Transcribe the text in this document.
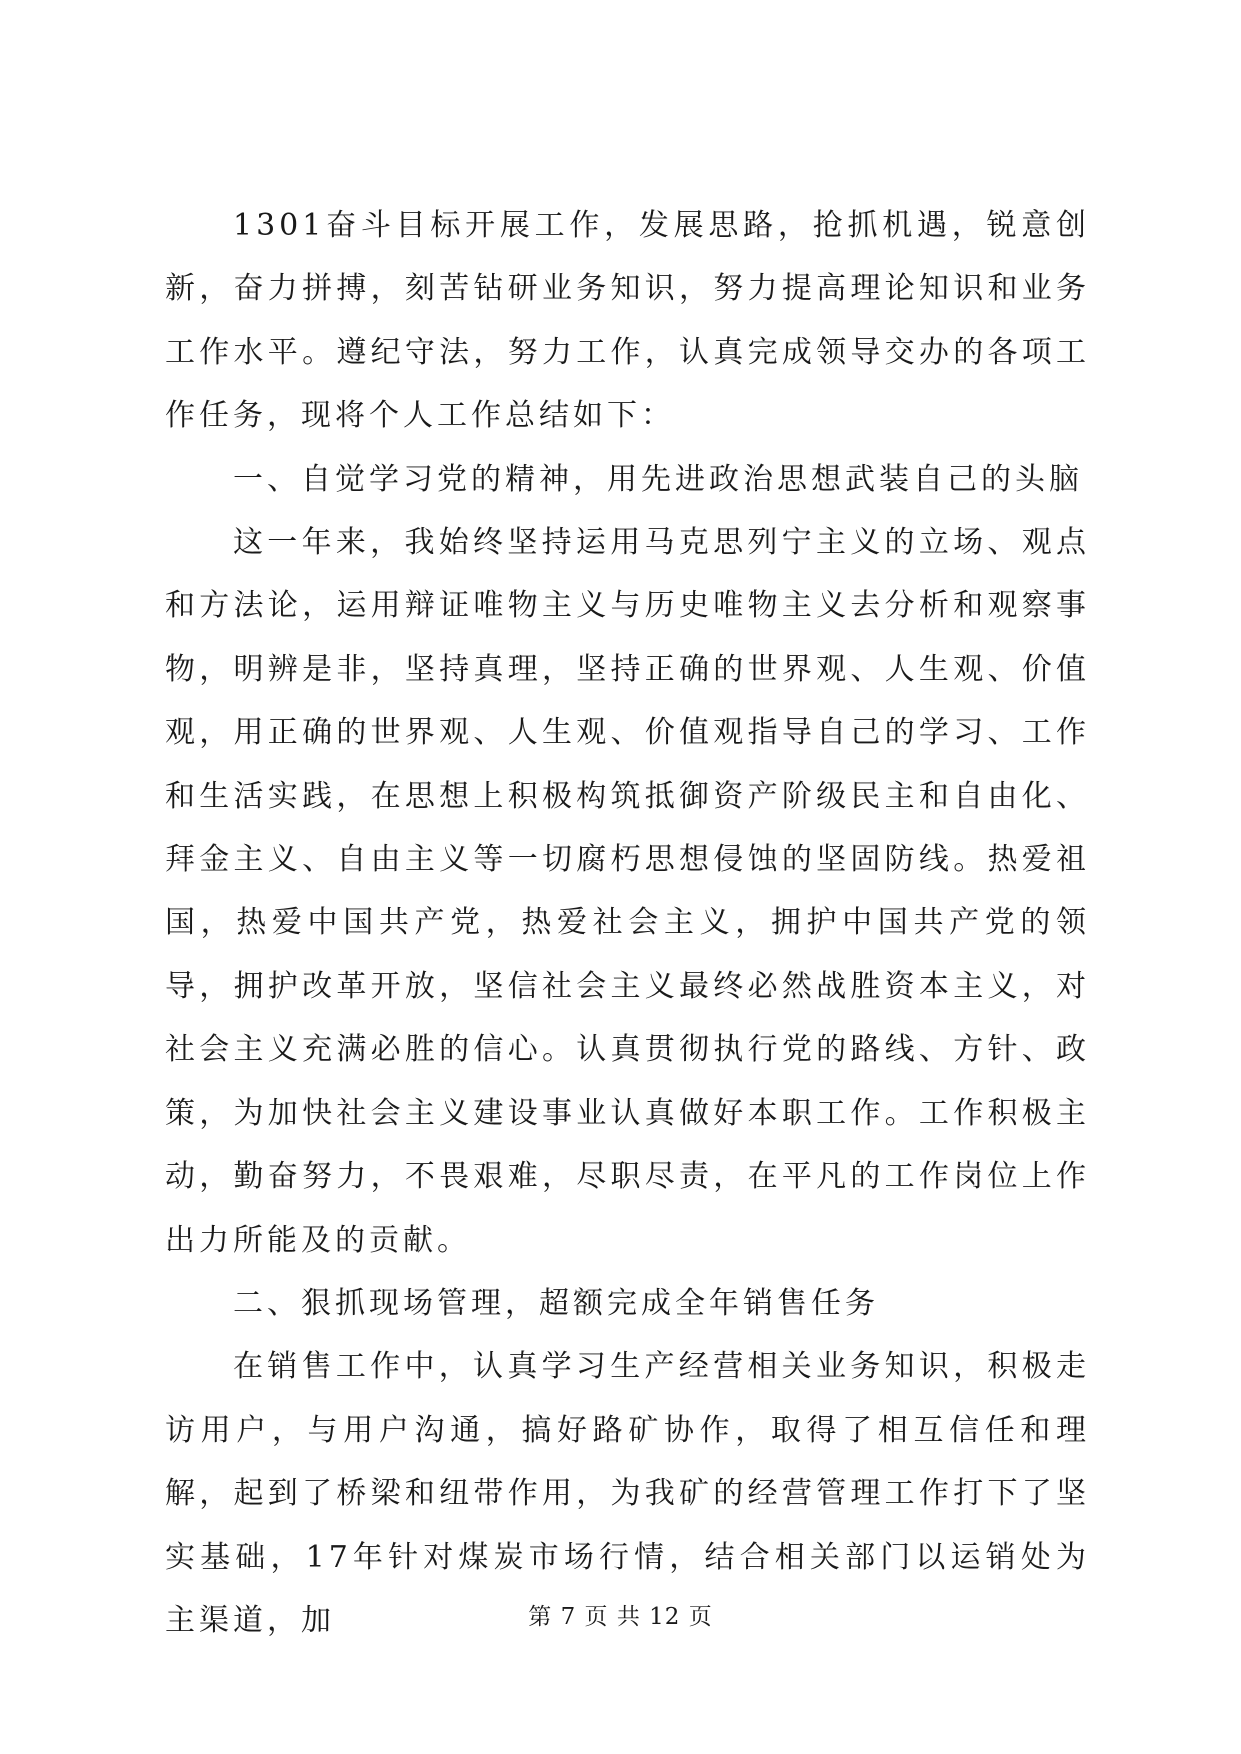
1301奋斗目标开展工作，发展思路，抢抓机遇，锐意创新，奋力拼搏，刻苦钻研业务知识，努力提高理论知识和业务工作水平。遵纪守法，努力工作，认真完成领导交办的各项工作任务，现将个人工作总结如下：

一、自觉学习党的精神，用先进政治思想武装自己的头脑

这一年来，我始终坚持运用马克思列宁主义的立场、观点和方法论，运用辩证唯物主义与历史唯物主义去分析和观察事物，明辨是非，坚持真理，坚持正确的世界观、人生观、价值观，用正确的世界观、人生观、价值观指导自己的学习、工作和生活实践，在思想上积极构筑抵御资产阶级民主和自由化、拜金主义、自由主义等一切腐朽思想侵蚀的坚固防线。热爱祖国，热爱中国共产党，热爱社会主义，拥护中国共产党的领导，拥护改革开放，坚信社会主义最终必然战胜资本主义，对社会主义充满必胜的信心。认真贯彻执行党的路线、方针、政策，为加快社会主义建设事业认真做好本职工作。工作积极主动，勤奋努力，不畏艰难，尽职尽责，在平凡的工作岗位上作出力所能及的贡献。

二、狠抓现场管理，超额完成全年销售任务

在销售工作中，认真学习生产经营相关业务知识，积极走访用户，与用户沟通，搞好路矿协作，取得了相互信任和理解，起到了桥梁和纽带作用，为我矿的经营管理工作打下了坚实基础，17年针对煤炭市场行情，结合相关部门以运销处为主渠道，加	第 7 页 共 12 页
